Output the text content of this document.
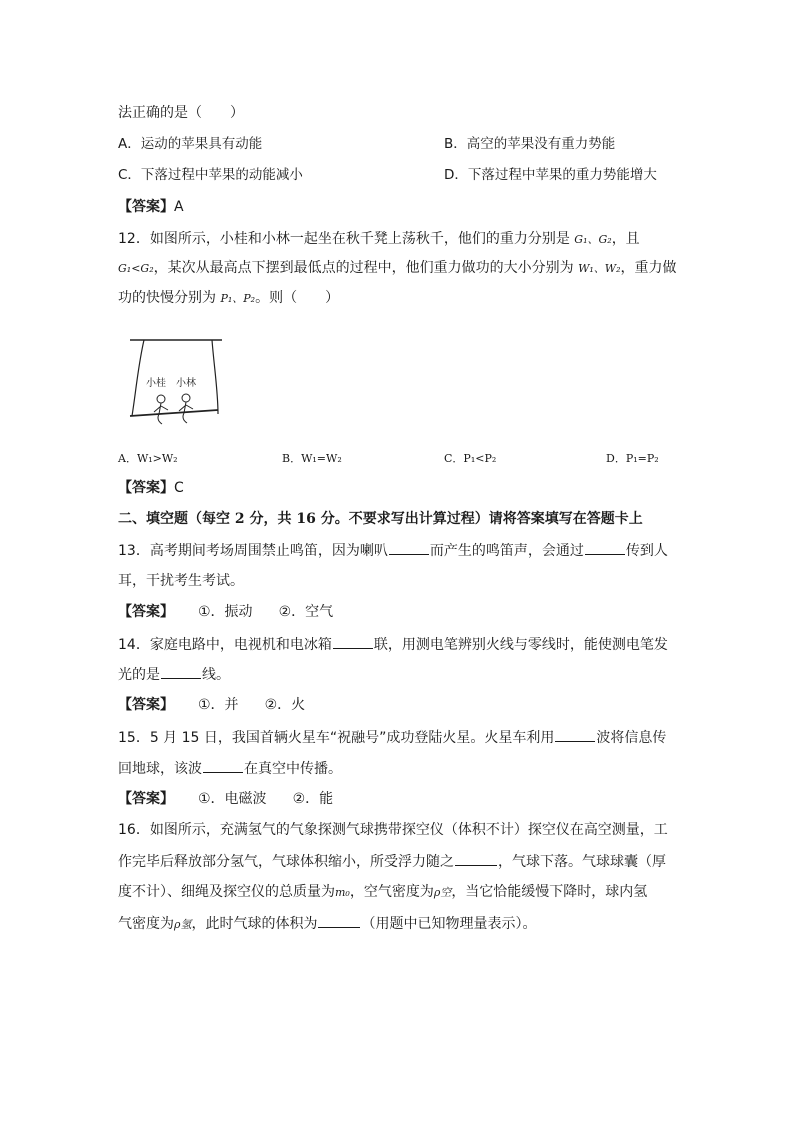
法正确的是（　　）
A．运动的苹果具有动能	B．高空的苹果没有重力势能
C．下落过程中苹果的动能减小	D．下落过程中苹果的重力势能增大
【答案】A
12．如图所示，小桂和小林一起坐在秋千凳上荡秋千，他们的重力分别是 G₁、G₂，且
G₁<G₂，某次从最高点下摆到最低点的过程中，他们重力做功的大小分别为 W₁、W₂，重力做
功的快慢分别为 P₁、P₂。则（　　）
小桂 小林
A．W₁>W₂	B．W₁=W₂	C．P₁<P₂	D．P₁=P₂
【答案】C
二、填空题（每空 2 分，共 16 分。不要求写出计算过程）请将答案填写在答题卡上
13．高考期间考场周围禁止鸣笛，因为喇叭	而产生的鸣笛声，会通过	传到人
耳，干扰考生考试。
【答案】 ①．振动 ②．空气
14．家庭电路中，电视机和电冰箱	联，用测电笔辨别火线与零线时，能使测电笔发
光的是	线。
【答案】 ①．并 ②．火
15．5 月 15 日，我国首辆火星车“祝融号”成功登陆火星。火星车利用	波将信息传
回地球，该波	在真空中传播。
【答案】 ①．电磁波 ②．能
16．如图所示，充满氢气的气象探测气球携带探空仪（体积不计）探空仪在高空测量，工
作完毕后释放部分氢气，气球体积缩小，所受浮力随之	，气球下落。气球球囊（厚
度不计）、细绳及探空仪的总质量为m₀，空气密度为ρ空，当它恰能缓慢下降时，球内氢
气密度为ρ氢，此时气球的体积为	（用题中已知物理量表示）。
